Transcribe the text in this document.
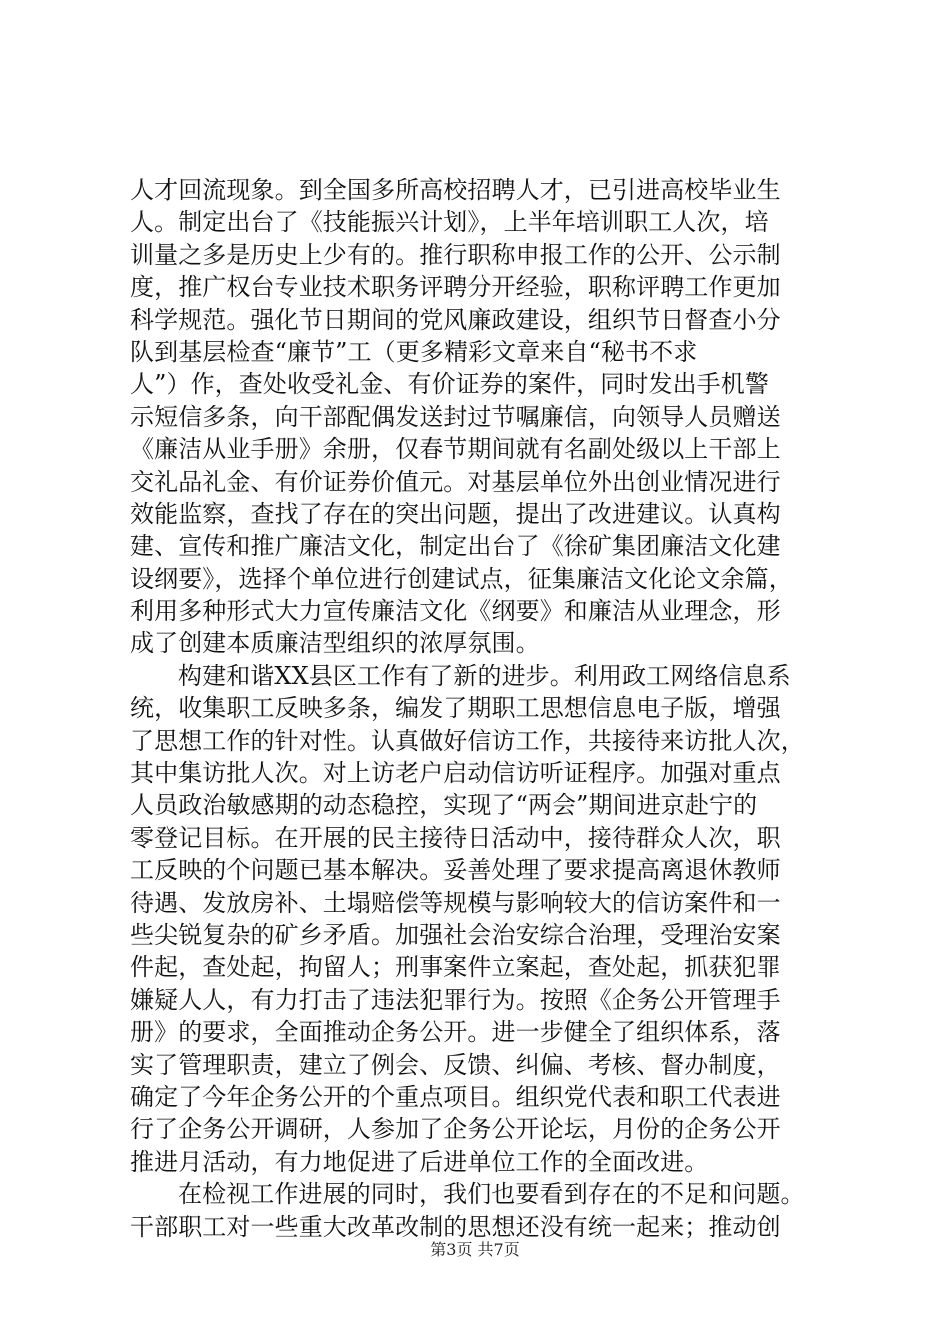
人才回流现象。到全国多所高校招聘人才，已引进高校毕业生
人。制定出台了《技能振兴计划》，上半年培训职工人次，培
训量之多是历史上少有的。推行职称申报工作的公开、公示制
度，推广权台专业技术职务评聘分开经验，职称评聘工作更加
科学规范。强化节日期间的党风廉政建设，组织节日督查小分
队到基层检查“廉节”工（更多精彩文章来自“秘书不求
人”）作，查处收受礼金、有价证券的案件，同时发出手机警
示短信多条，向干部配偶发送封过节嘱廉信，向领导人员赠送
《廉洁从业手册》余册，仅春节期间就有名副处级以上干部上
交礼品礼金、有价证券价值元。对基层单位外出创业情况进行
效能监察，查找了存在的突出问题，提出了改进建议。认真构
建、宣传和推广廉洁文化，制定出台了《徐矿集团廉洁文化建
设纲要》，选择个单位进行创建试点，征集廉洁文化论文余篇，
利用多种形式大力宣传廉洁文化《纲要》和廉洁从业理念，形
成了创建本质廉洁型组织的浓厚氛围。
构建和谐XX县区工作有了新的进步。利用政工网络信息系
统，收集职工反映多条，编发了期职工思想信息电子版，增强
了思想工作的针对性。认真做好信访工作，共接待来访批人次，
其中集访批人次。对上访老户启动信访听证程序。加强对重点
人员政治敏感期的动态稳控，实现了“两会”期间进京赴宁的
零登记目标。在开展的民主接待日活动中，接待群众人次，职
工反映的个问题已基本解决。妥善处理了要求提高离退休教师
待遇、发放房补、土塌赔偿等规模与影响较大的信访案件和一
些尖锐复杂的矿乡矛盾。加强社会治安综合治理，受理治安案
件起，查处起，拘留人；刑事案件立案起，查处起，抓获犯罪
嫌疑人人，有力打击了违法犯罪行为。按照《企务公开管理手
册》的要求，全面推动企务公开。进一步健全了组织体系，落
实了管理职责，建立了例会、反馈、纠偏、考核、督办制度，
确定了今年企务公开的个重点项目。组织党代表和职工代表进
行了企务公开调研，人参加了企务公开论坛，月份的企务公开
推进月活动，有力地促进了后进单位工作的全面改进。
在检视工作进展的同时，我们也要看到存在的不足和问题。
干部职工对一些重大改革改制的思想还没有统一起来；推动创
第3页 共7页
